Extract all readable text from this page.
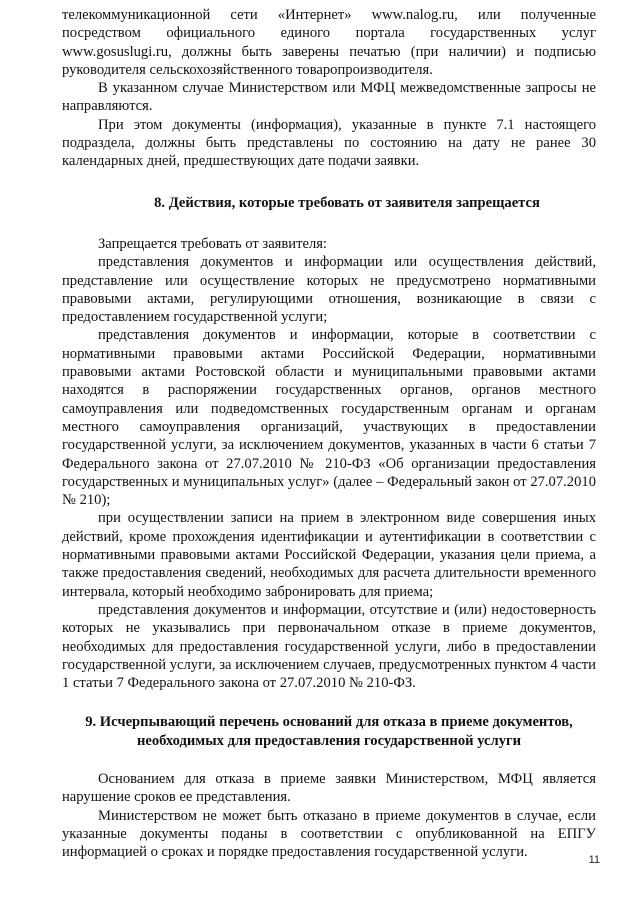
телекоммуникационной сети «Интернет» www.nalog.ru, или полученные посредством официального единого портала государственных услуг www.gosuslugi.ru, должны быть заверены печатью (при наличии) и подписью руководителя сельскохозяйственного товаропроизводителя.

В указанном случае Министерством или МФЦ межведомственные запросы не направляются.

При этом документы (информация), указанные в пункте 7.1 настоящего подраздела, должны быть представлены по состоянию на дату не ранее 30 календарных дней, предшествующих дате подачи заявки.

8. Действия, которые требовать от заявителя запрещается

Запрещается требовать от заявителя:

представления документов и информации или осуществления действий, представление или осуществление которых не предусмотрено нормативными правовыми актами, регулирующими отношения, возникающие в связи с предоставлением государственной услуги;

представления документов и информации, которые в соответствии с нормативными правовыми актами Российской Федерации, нормативными правовыми актами Ростовской области и муниципальными правовыми актами находятся в распоряжении государственных органов, органов местного самоуправления или подведомственных государственным органам и органам местного самоуправления организаций, участвующих в предоставлении государственной услуги, за исключением документов, указанных в части 6 статьи 7 Федерального закона от 27.07.2010 № 210-ФЗ «Об организации предоставления государственных и муниципальных услуг» (далее – Федеральный закон от 27.07.2010 № 210);

при осуществлении записи на прием в электронном виде совершения иных действий, кроме прохождения идентификации и аутентификации в соответствии с нормативными правовыми актами Российской Федерации, указания цели приема, а также предоставления сведений, необходимых для расчета длительности временного интервала, который необходимо забронировать для приема;

представления документов и информации, отсутствие и (или) недостоверность которых не указывались при первоначальном отказе в приеме документов, необходимых для предоставления государственной услуги, либо в предоставлении государственной услуги, за исключением случаев, предусмотренных пунктом 4 части 1 статьи 7 Федерального закона от 27.07.2010 № 210-ФЗ.

9. Исчерпывающий перечень оснований для отказа в приеме документов, необходимых для предоставления государственной услуги

Основанием для отказа в приеме заявки Министерством, МФЦ является нарушение сроков ее представления.

Министерством не может быть отказано в приеме документов в случае, если указанные документы поданы в соответствии с опубликованной на ЕПГУ информацией о сроках и порядке предоставления государственной услуги.	11
